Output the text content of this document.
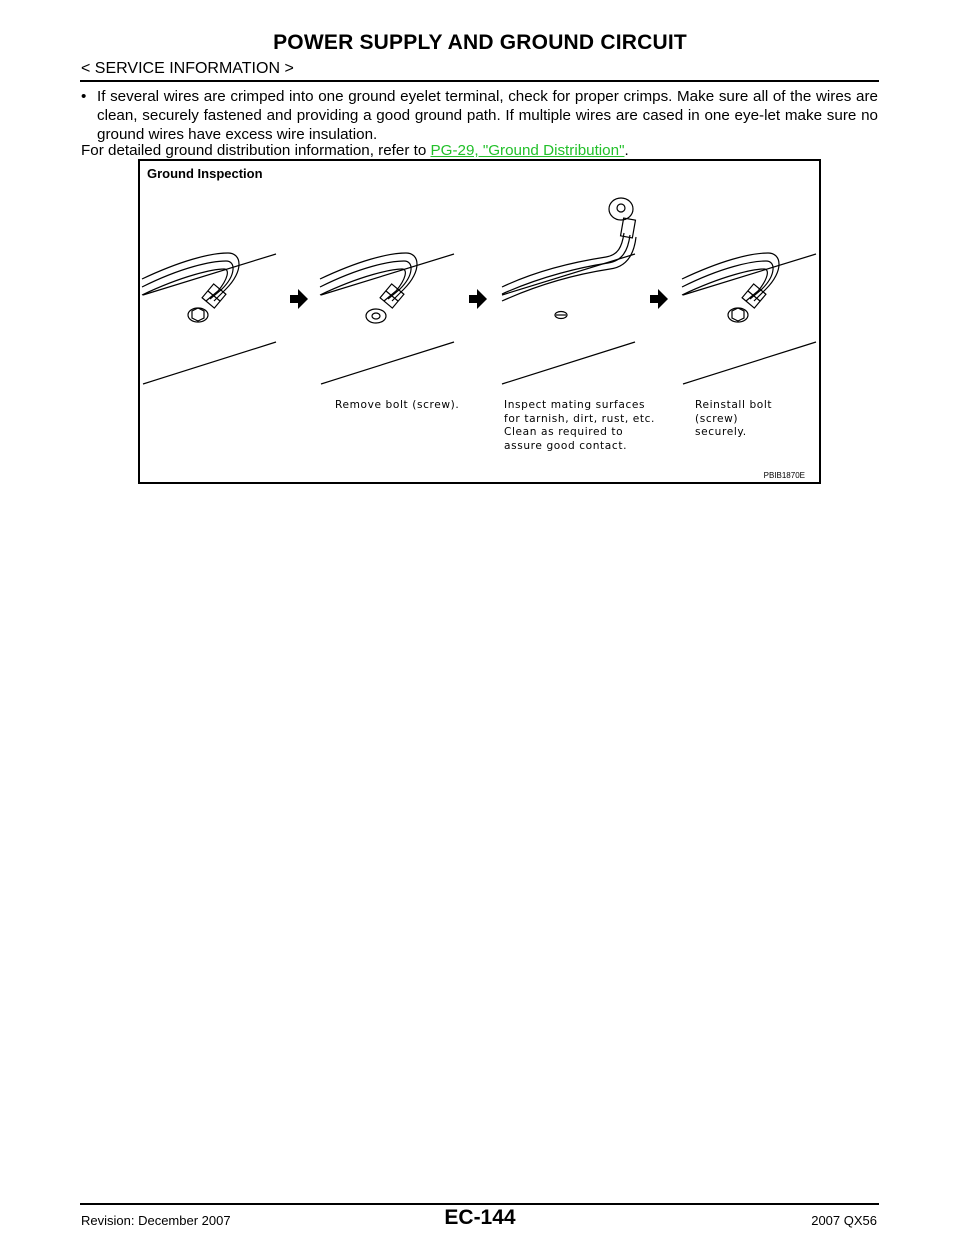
POWER SUPPLY AND GROUND CIRCUIT
< SERVICE INFORMATION >
• If several wires are crimped into one ground eyelet terminal, check for proper crimps. Make sure all of the wires are clean, securely fastened and providing a good ground path. If multiple wires are cased in one eye-let make sure no ground wires have excess wire insulation.
For detailed ground distribution information, refer to PG-29, "Ground Distribution".
Ground Inspection
Remove bolt (screw).	Inspect mating surfaces
for tarnish, dirt, rust, etc.
Clean as required to
assure good contact.
Reinstall bolt (screw)
securely.
PBIB1870E
EC-144
Revision: December 2007	2007 QX56
